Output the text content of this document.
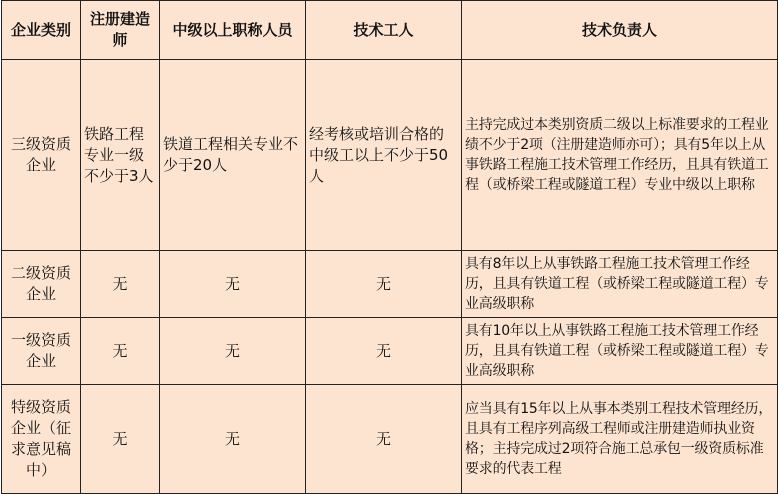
企业类别	注册建造师	中级以上职称人员	技术工人	技术负责人
三级资质企业	铁路工程专业一级不少于3人	铁道工程相关专业不少于20人	经考核或培训合格的中级工以上不少于50人	主持完成过本类别资质二级以上标准要求的工程业绩不少于2项（注册建造师亦可）；具有5年以上从事铁路工程施工技术管理工作经历，且具有铁道工程（或桥梁工程或隧道工程）专业中级以上职称
二级资质企业	无	无	无	具有8年以上从事铁路工程施工技术管理工作经历，且具有铁道工程（或桥梁工程或隧道工程）专业高级职称
一级资质企业	无	无	无	具有10年以上从事铁路工程施工技术管理工作经历，且具有铁道工程（或桥梁工程或隧道工程）专业高级职称
特级资质企业（征求意见稿中）	无	无	无	应当具有15年以上从事本类别工程技术管理经历，且具有工程序列高级工程师或注册建造师执业资格；主持完成过2项符合施工总承包一级资质标准要求的代表工程
